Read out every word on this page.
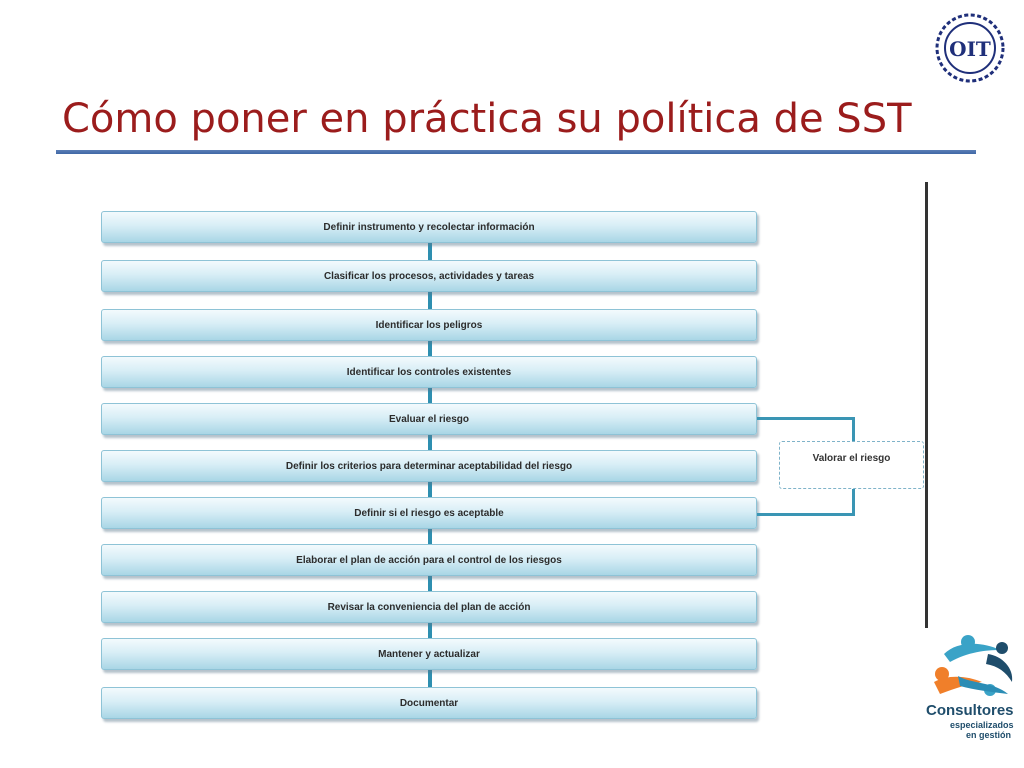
Cómo poner en práctica su política de SST
OIT
Definir instrumento y recolectar información
Clasificar los procesos, actividades y tareas
Identificar los peligros
Identificar los controles existentes
Evaluar el riesgo
Definir los criterios para determinar aceptabilidad del riesgo
Definir si el riesgo es aceptable
Elaborar el plan de acción para el control de los riesgos
Revisar la conveniencia del plan de acción
Mantener y actualizar
Documentar
Valorar el riesgo
Consultores
especializados
en gestión
